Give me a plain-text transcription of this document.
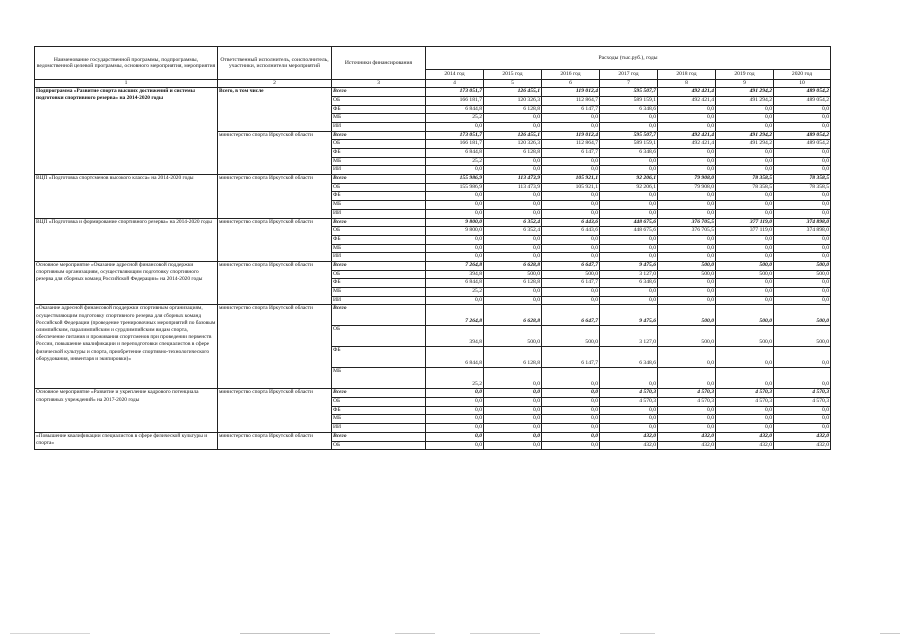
Наименование государственной программы, подпрограммы, ведомственной целевой программы, основного мероприятия, мероприятия	Ответственный исполнитель, соисполнитель, участники, исполнители мероприятий	Источники финансирования	Расходы (тыс.руб.), годы						
			2014 год	2015 год	2016 год	2017 год	2018 год	2019 год	2020 год
1	2	3	4	5	6	7	8	9	10
Подпрограмма «Развитие спорта высших достижений и системы подготовки спортивного резерва» на 2014-2020 годы	Всего, в том числе	Всего	173 051,7	126 455,1	119 012,4	595 507,7	492 421,4	491 294,2	489 054,2
		ОБ	166 181,7	120 326,3	112 864,7	589 159,1	492 421,4	491 294,2	489 054,2
		ФБ	6 844,8	6 128,8	6 147,7	6 348,6	0,0	0,0	0,0
		МБ	25,2	0,0	0,0	0,0	0,0	0,0	0,0
		ИИ	0,0	0,0	0,0	0,0	0,0	0,0	0,0
	министерство спорта Иркутской области	Всего	173 051,7	126 455,1	119 012,4	595 507,7	492 421,4	491 294,2	489 054,2
		ОБ	166 181,7	120 326,3	112 864,7	589 159,1	492 421,4	491 294,2	489 054,2
		ФБ	6 844,8	6 128,8	6 147,7	6 348,6	0,0	0,0	0,0
		МБ	25,2	0,0	0,0	0,0	0,0	0,0	0,0
		ИИ	0,0	0,0	0,0	0,0	0,0	0,0	0,0
ВЦП «Подготовка спортсменов высокого класса» на 2014-2020 годы	министерство спорта Иркутской области	Всего	155 986,9	113 473,9	105 921,1	92 206,1	79 908,0	78 358,5	78 358,5
		ОБ	155 986,9	113 473,9	105 921,1	92 206,1	79 908,0	78 358,5	78 358,5
		ФБ	0,0	0,0	0,0	0,0	0,0	0,0	0,0
		МБ	0,0	0,0	0,0	0,0	0,0	0,0	0,0
		ИИ	0,0	0,0	0,0	0,0	0,0	0,0	0,0
ВЦП «Подготовка и формирование спортивного резерва» на 2014-2020 годы	министерство спорта Иркутской области	Всего	9 800,0	6 352,4	6 443,6	448 675,6	376 705,5	377 119,0	374 898,0
		ОБ	9 800,0	6 352,4	6 443,6	448 675,6	376 705,5	377 119,0	374 898,0
		ФБ	0,0	0,0	0,0	0,0	0,0	0,0	0,0
		МБ	0,0	0,0	0,0	0,0	0,0	0,0	0,0
		ИИ	0,0	0,0	0,0	0,0	0,0	0,0	0,0
Основное мероприятие «Оказание адресной финансовой поддержки спортивным организациям, осуществляющим подготовку спортивного резерва для сборных команд Российской Федерации» на 2014-2020 годы	министерство спорта Иркутской области	Всего	7 264,8	6 628,8	6 647,7	9 475,6	500,0	500,0	500,0
		ОБ	394,8	500,0	500,0	3 127,0	500,0	500,0	500,0
		ФБ	6 844,8	6 128,8	6 147,7	6 348,6	0,0	0,0	0,0
		МБ	25,2	0,0	0,0	0,0	0,0	0,0	0,0
		ИИ	0,0	0,0	0,0	0,0	0,0	0,0	0,0
«Оказание адресной финансовой поддержки спортивным организациям, осуществляющим подготовку спортивного резерва для сборных команд Российской Федерации (проведение тренировочных мероприятий по базовым олимпийским, паралимпийским и сурдлимпийским видам спорта, обеспечение питания и проживания спортсменов при проведении первенств России, повышение квалификации и переподготовки специалистов в сфере физической культуры и спорта, приобретение спортивно-технологического оборудования, инвентаря и экипировки)»	министерство спорта Иркутской области	Всего	7 264,8	6 628,8	6 647,7	9 475,6	500,0	500,0	500,0
		ОБ	394,8	500,0	500,0	3 127,0	500,0	500,0	500,0
		ФБ	6 844,8	6 128,8	6 147,7	6 348,6	0,0	0,0	0,0
		МБ	25,2	0,0	0,0	0,0	0,0	0,0	0,0
Основное мероприятие «Развитие и укрепление кадрового потенциала спортивных учреждений» на 2017-2020 годы	министерство спорта Иркутской области	Всего	0,0	0,0	0,0	4 570,3	4 570,3	4 570,3	4 570,3
		ОБ	0,0	0,0	0,0	4 570,3	4 570,3	4 570,3	4 570,3
		ФБ	0,0	0,0	0,0	0,0	0,0	0,0	0,0
		МБ	0,0	0,0	0,0	0,0	0,0	0,0	0,0
		ИИ	0,0	0,0	0,0	0,0	0,0	0,0	0,0
«Повышение квалификации специалистов в сфере физической культуры и спорта»	министерство спорта Иркутской области	Всего	0,0	0,0	0,0	432,0	432,0	432,0	432,0
		ОБ	0,0	0,0	0,0	432,0	432,0	432,0	432,0
